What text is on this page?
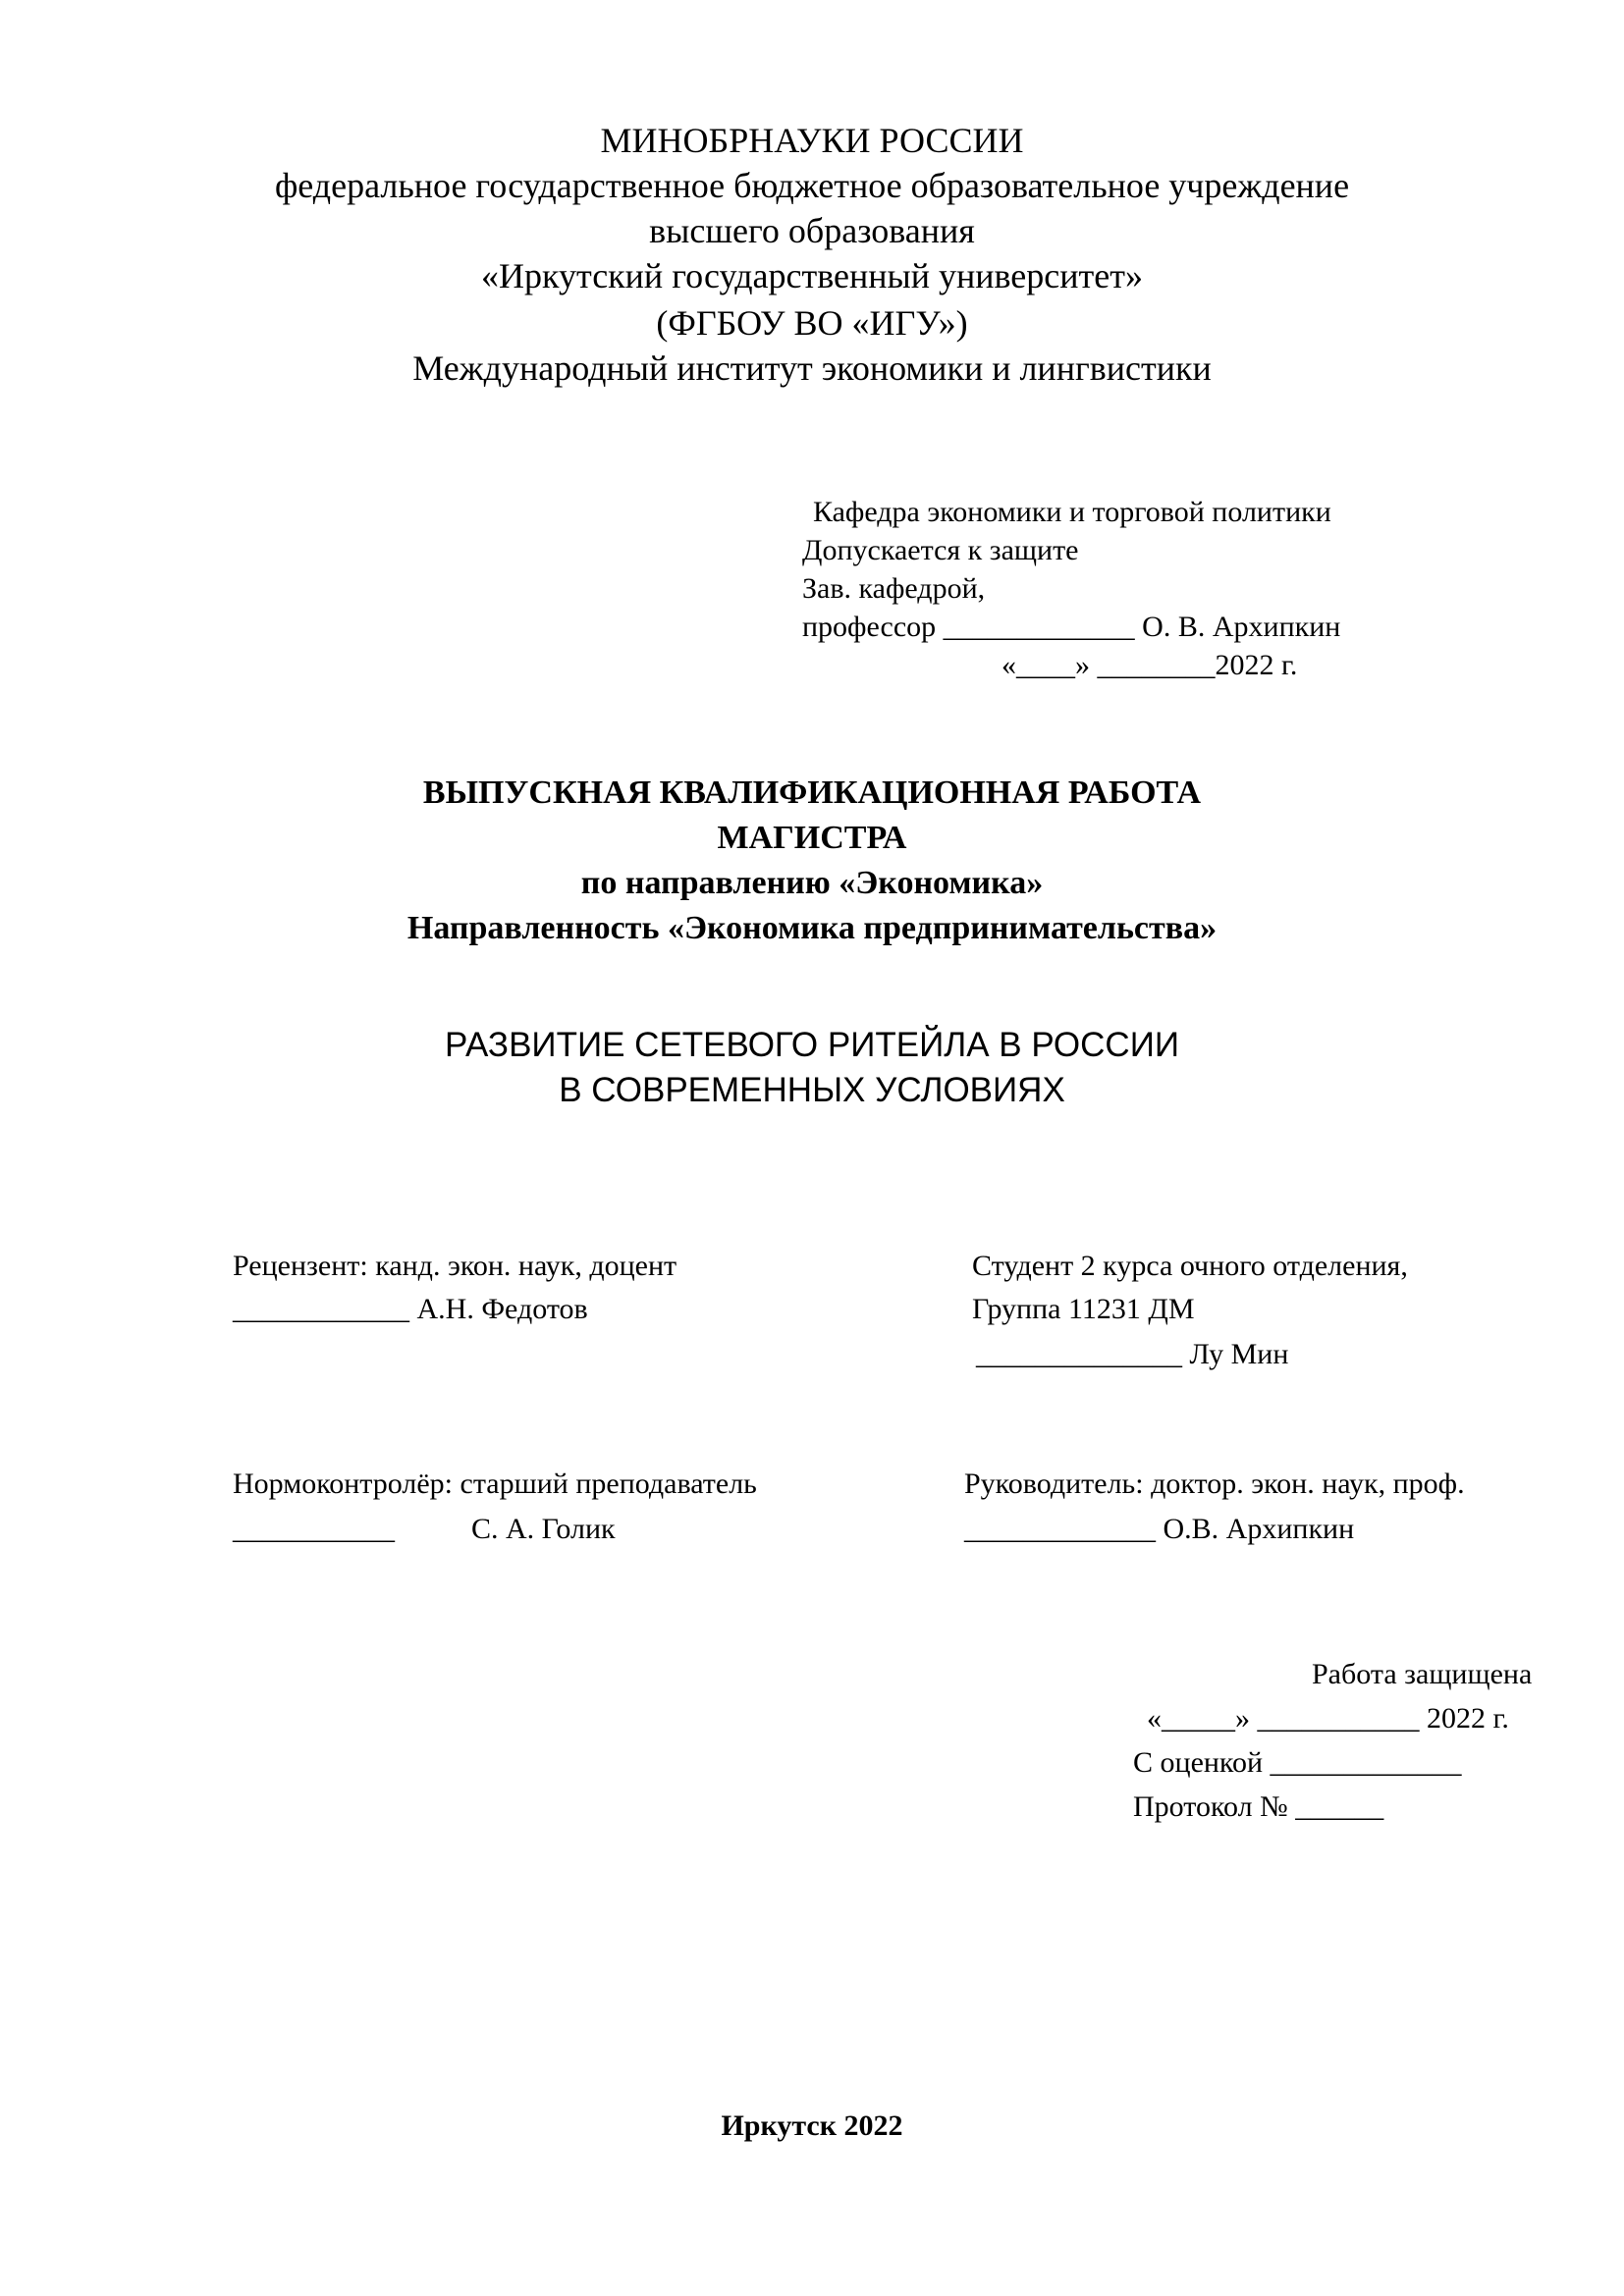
МИНОБРНАУКИ РОССИИ
федеральное государственное бюджетное образовательное учреждение
высшего образования
«Иркутский государственный университет»
(ФГБОУ ВО «ИГУ»)
Международный институт экономики и лингвистики
Кафедра экономики и торговой политики
Допускается к защите
Зав. кафедрой,
профессор _____________ О. В. Архипкин
«____» ________2022 г.
ВЫПУСКНАЯ КВАЛИФИКАЦИОННАЯ РАБОТА
МАГИСТРА
по направлению «Экономика»
Направленность «Экономика предпринимательства»
РАЗВИТИЕ СЕТЕВОГО РИТЕЙЛА В РОССИИ
В СОВРЕМЕННЫХ УСЛОВИЯХ
Рецензент: канд. экон. наук, доцент
____________ А.Н. Федотов
Студент 2 курса очного отделения,
Группа 11231 ДМ
______________ Лу Мин
Нормоконтролёр: старший преподаватель
___________	С. А. Голик
Руководитель: доктор. экон. наук, проф.
_____________ О.В. Архипкин
Работа защищена
«_____» ___________ 2022 г.
С оценкой _____________
Протокол № ______
Иркутск 2022
